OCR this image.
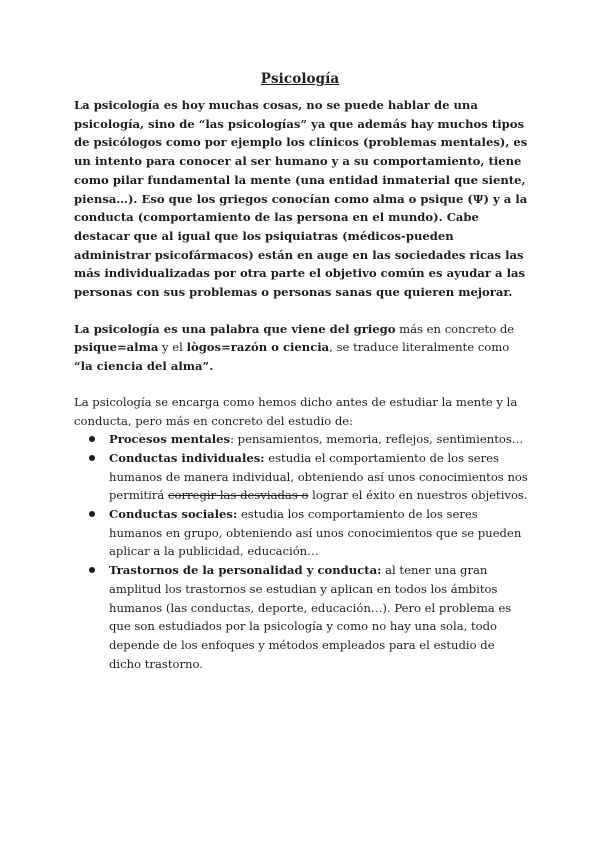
Psicología

La psicología es hoy muchas cosas, no se puede hablar de una psicología, sino de “las psicologías” ya que además hay muchos tipos de psicólogos como por ejemplo los clínicos (problemas mentales), es un intento para conocer al ser humano y a su comportamiento, tiene como pilar fundamental la mente (una entidad inmaterial que siente, piensa…). Eso que los griegos conocían como alma o psique (Ψ) y a la conducta (comportamiento de las persona en el mundo). Cabe destacar que al igual que los psiquiatras (médicos-pueden administrar psicofármacos) están en auge en las sociedades ricas las más individualizadas por otra parte el objetivo común es ayudar a las personas con sus problemas o personas sanas que quieren mejorar.

La psicología es una palabra que viene del griego más en concreto de psique=alma y el lògos=razón o ciencia, se traduce literalmente como “la ciencia del alma”.

La psicología se encarga como hemos dicho antes de estudiar la mente y la conducta, pero más en concreto del estudio de:

Procesos mentales: pensamientos, memoria, reflejos, sentimientos…
Conductas individuales: estudia el comportamiento de los seres humanos de manera individual, obteniendo así unos conocimientos nos permitirá corregir las desviadas o lograr el éxito en nuestros objetivos.
Conductas sociales: estudia los comportamiento de los seres humanos en grupo, obteniendo así unos conocimientos que se pueden aplicar a la publicidad, educación…
Trastornos de la personalidad y conducta: al tener una gran amplitud los trastornos se estudian y aplican en todos los ámbitos humanos (las conductas, deporte, educación…). Pero el problema es que son estudiados por la psicología y como no hay una sola, todo depende de los enfoques y métodos empleados para el estudio de dicho trastorno.
